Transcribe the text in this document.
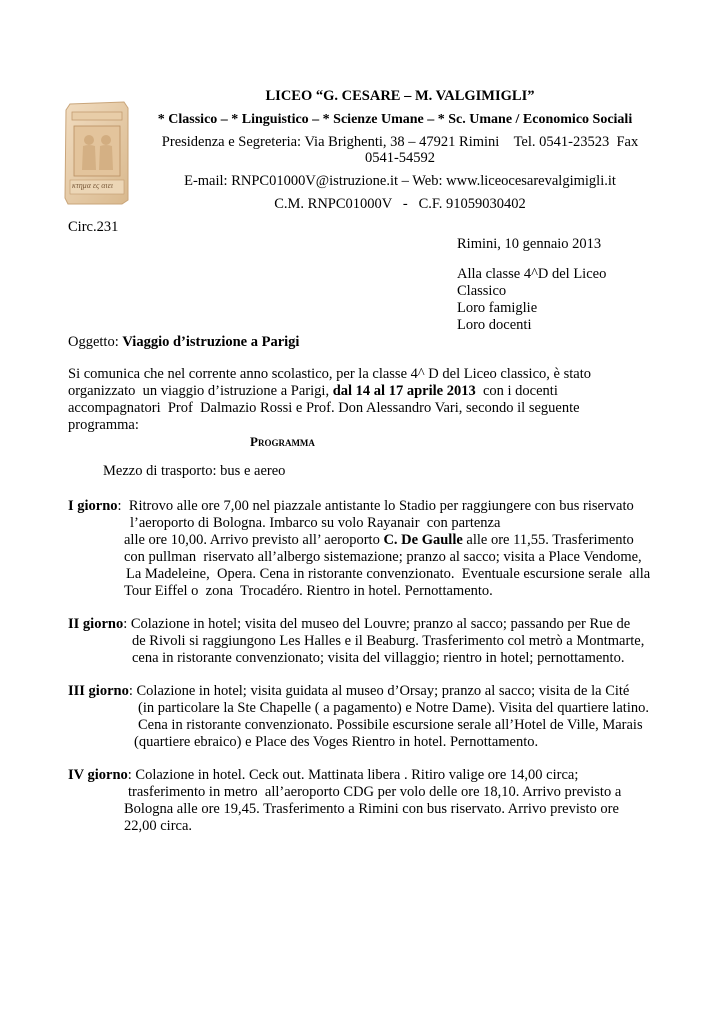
κτημα ες αιει
LICEO “G. CESARE – M. VALGIMIGLI”
* Classico – * Linguistico – * Scienze Umane – * Sc. Umane / Economico Sociali
Presidenza e Segreteria: Via Brighenti, 38 – 47921 Rimini    Tel. 0541-23523  Fax
0541-54592
E-mail: RNPC01000V@istruzione.it – Web: www.liceocesarevalgimigli.it
C.M. RNPC01000V   -   C.F. 91059030402
Circ.231
Rimini, 10 gennaio 2013
Alla classe 4^D del Liceo
Classico
Loro famiglie
Loro docenti
Oggetto: Viaggio d’istruzione a Parigi
Si comunica che nel corrente anno scolastico, per la classe 4^ D del Liceo classico, è stato
organizzato  un viaggio d’istruzione a Parigi, dal 14 al 17 aprile 2013  con i docenti
accompagnatori  Prof  Dalmazio Rossi e Prof. Don Alessandro Vari, secondo il seguente
programma:
Programma
Mezzo di trasporto: bus e aereo
I giorno:  Ritrovo alle ore 7,00 nel piazzale antistante lo Stadio per raggiungere con bus riservato
l’aeroporto di Bologna. Imbarco su volo Rayanair  con partenza
alle ore 10,00. Arrivo previsto all’ aeroporto C. De Gaulle alle ore 11,55. Trasferimento
con pullman  riservato all’albergo sistemazione; pranzo al sacco; visita a Place Vendome,
La Madeleine,  Opera. Cena in ristorante convenzionato.  Eventuale escursione serale  alla
Tour Eiffel o  zona  Trocadéro. Rientro in hotel. Pernottamento.
II giorno: Colazione in hotel; visita del museo del Louvre; pranzo al sacco; passando per Rue de
de Rivoli si raggiungono Les Halles e il Beaburg. Trasferimento col metrò a Montmarte,
cena in ristorante convenzionato; visita del villaggio; rientro in hotel; pernottamento.
III giorno: Colazione in hotel; visita guidata al museo d’Orsay; pranzo al sacco; visita de la Cité
(in particolare la Ste Chapelle ( a pagamento) e Notre Dame). Visita del quartiere latino.
Cena in ristorante convenzionato. Possibile escursione serale all’Hotel de Ville, Marais
(quartiere ebraico) e Place des Voges Rientro in hotel. Pernottamento.
IV giorno: Colazione in hotel. Ceck out. Mattinata libera . Ritiro valige ore 14,00 circa;
trasferimento in metro  all’aeroporto CDG per volo delle ore 18,10. Arrivo previsto a
Bologna alle ore 19,45. Trasferimento a Rimini con bus riservato. Arrivo previsto ore
22,00 circa.
